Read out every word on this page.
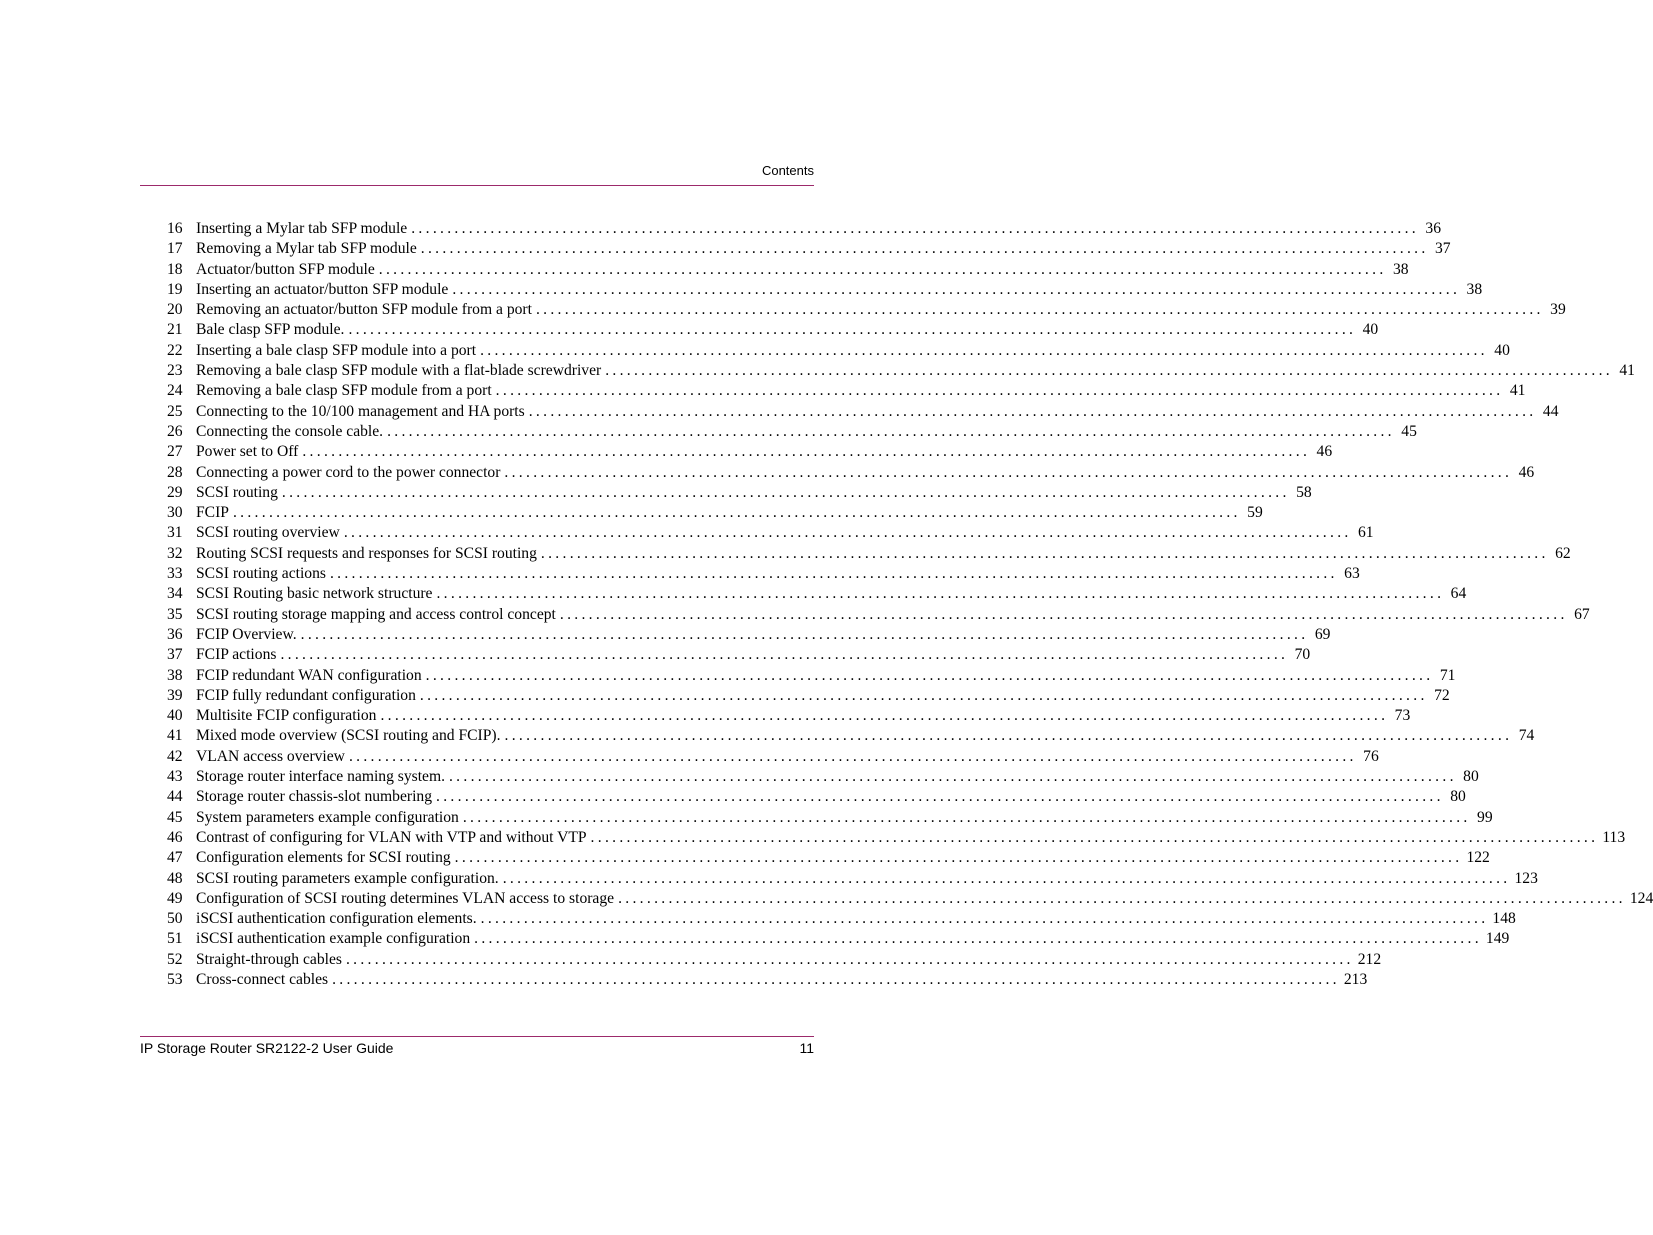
Contents
16 Inserting a Mylar tab SFP module ............................................................................................................................................ 36
17 Removing a Mylar tab SFP module ............................................................................................................................................ 37
18 Actuator/button SFP module ............................................................................................................................................ 38
19 Inserting an actuator/button SFP module ............................................................................................................................................ 38
20 Removing an actuator/button SFP module from a port ............................................................................................................................................ 39
21 Bale clasp SFP module. ............................................................................................................................................ 40
22 Inserting a bale clasp SFP module into a port ............................................................................................................................................ 40
23 Removing a bale clasp SFP module with a flat-blade screwdriver ............................................................................................................................................ 41
24 Removing a bale clasp SFP module from a port ............................................................................................................................................ 41
25 Connecting to the 10/100 management and HA ports ............................................................................................................................................ 44
26 Connecting the console cable. ............................................................................................................................................ 45
27 Power set to Off ............................................................................................................................................ 46
28 Connecting a power cord to the power connector ............................................................................................................................................ 46
29 SCSI routing ............................................................................................................................................ 58
30 FCIP ............................................................................................................................................ 59
31 SCSI routing overview ............................................................................................................................................ 61
32 Routing SCSI requests and responses for SCSI routing ............................................................................................................................................ 62
33 SCSI routing actions ............................................................................................................................................ 63
34 SCSI Routing basic network structure ............................................................................................................................................ 64
35 SCSI routing storage mapping and access control concept ............................................................................................................................................ 67
36 FCIP Overview. ............................................................................................................................................ 69
37 FCIP actions ............................................................................................................................................ 70
38 FCIP redundant WAN configuration ............................................................................................................................................ 71
39 FCIP fully redundant configuration ............................................................................................................................................ 72
40 Multisite FCIP configuration ............................................................................................................................................ 73
41 Mixed mode overview (SCSI routing and FCIP). ............................................................................................................................................ 74
42 VLAN access overview ............................................................................................................................................ 76
43 Storage router interface naming system. ............................................................................................................................................ 80
44 Storage router chassis-slot numbering ............................................................................................................................................ 80
45 System parameters example configuration ............................................................................................................................................ 99
46 Contrast of configuring for VLAN with VTP and without VTP ............................................................................................................................................ 113
47 Configuration elements for SCSI routing ............................................................................................................................................ 122
48 SCSI routing parameters example configuration. ............................................................................................................................................ 123
49 Configuration of SCSI routing determines VLAN access to storage ............................................................................................................................................ 124
50 iSCSI authentication configuration elements. ............................................................................................................................................ 148
51 iSCSI authentication example configuration ............................................................................................................................................ 149
52 Straight-through cables ............................................................................................................................................ 212
53 Cross-connect cables ............................................................................................................................................ 213
IP Storage Router SR2122-2 User Guide	11
